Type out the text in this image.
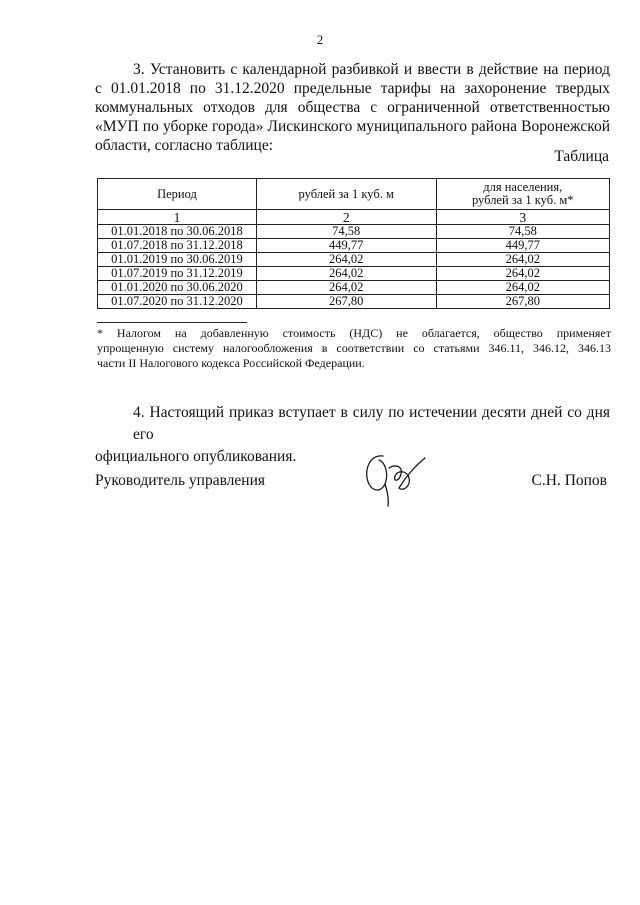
2

3. Установить с календарной разбивкой и ввести в действие на период
с 01.01.2018 по 31.12.2020 предельные тарифы на захоронение твердых
коммунальных отходов для общества с ограниченной ответственностью
«МУП по уборке города» Лискинского муниципального района Воронежской
области, согласно таблице:

Таблица
Период	рублей за 1 куб. м	для населения,
рублей за 1 куб. м*
1	2	3
01.01.2018 по 30.06.2018	74,58	74,58
01.07.2018 по 31.12.2018	449,77	449,77
01.01.2019 по 30.06.2019	264,02	264,02
01.07.2019 по 31.12.2019	264,02	264,02
01.01.2020 по 30.06.2020	264,02	264,02
01.07.2020 по 31.12.2020	267,80	267,80

* Налогом на добавленную стоимость (НДС) не облагается, общество применяет
упрощенную систему налогообложения в соответствии со статьями 346.11, 346.12, 346.13
части II Налогового кодекса Российской Федерации.

4. Настоящий приказ вступает в силу по истечении десяти дней со дня его
официального опубликования.

Руководитель управления	С.Н. Попов
